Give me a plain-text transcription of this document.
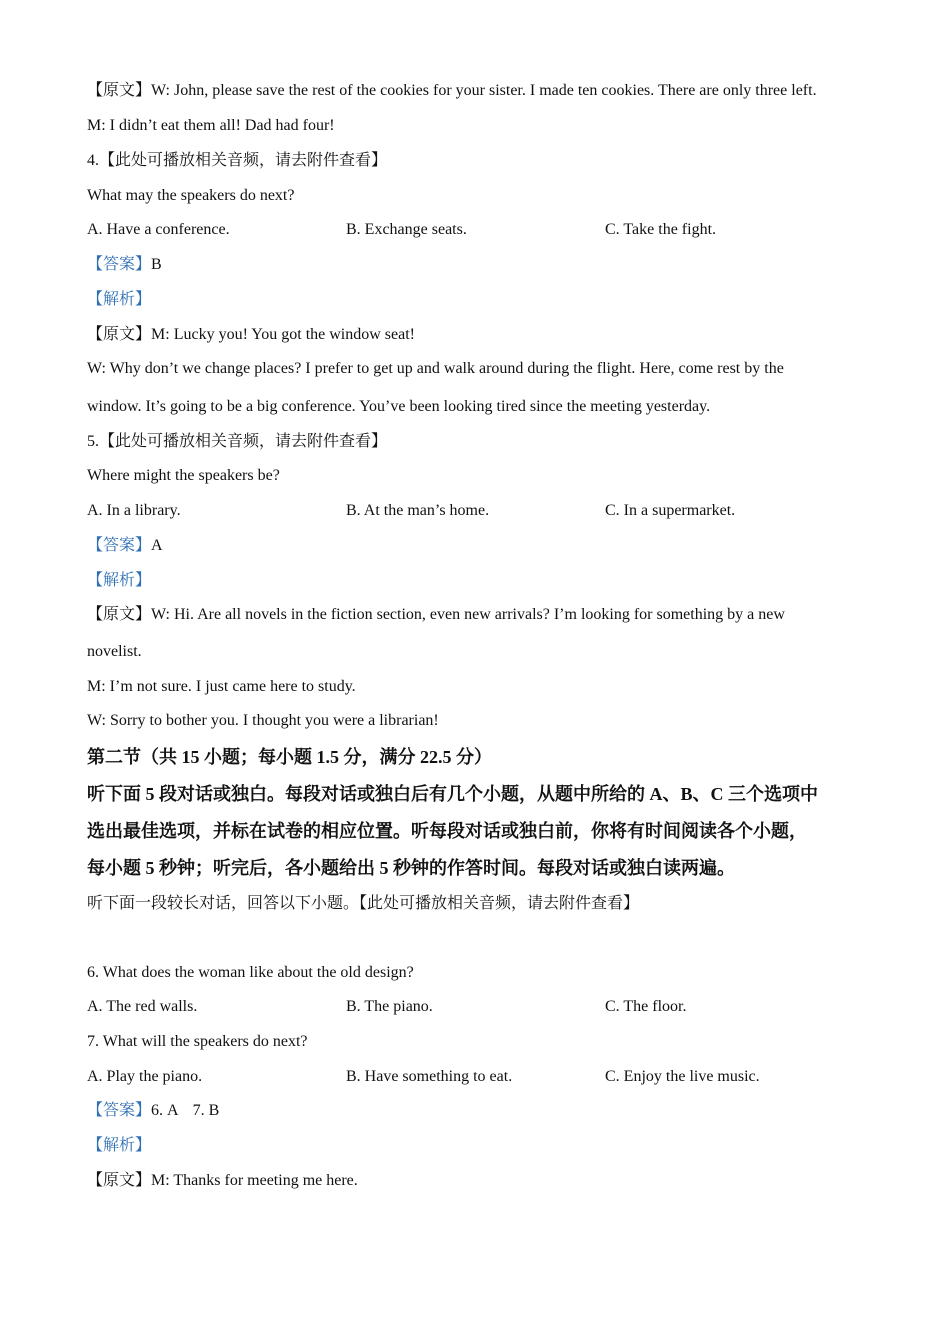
【原文】W: John, please save the rest of the cookies for your sister. I made ten cookies. There are only three left.
M: I didn’t eat them all! Dad had four!
4.【此处可播放相关音频，请去附件查看】
What may the speakers do next?
A. Have a conference.	B. Exchange seats.	C. Take the fight.
【答案】B
【解析】
【原文】M: Lucky you! You got the window seat!
W: Why don’t we change places? I prefer to get up and walk around during the flight. Here, come rest by the
window. It’s going to be a big conference. You’ve been looking tired since the meeting yesterday.
5.【此处可播放相关音频，请去附件查看】
Where might the speakers be?
A. In a library.	B. At the man’s home.	C. In a supermarket.
【答案】A
【解析】
【原文】W: Hi. Are all novels in the fiction section, even new arrivals? I’m looking for something by a new
novelist.
M: I’m not sure. I just came here to study.
W: Sorry to bother you. I thought you were a librarian!
第二节（共 15 小题；每小题 1.5 分，满分 22.5 分）
听下面 5 段对话或独白。每段对话或独白后有几个小题，从题中所给的 A、B、C 三个选项中
选出最佳选项，并标在试卷的相应位置。听每段对话或独白前，你将有时间阅读各个小题，
每小题 5 秒钟；听完后，各小题给出 5 秒钟的作答时间。每段对话或独白读两遍。
听下面一段较长对话，回答以下小题。【此处可播放相关音频，请去附件查看】
6. What does the woman like about the old design?
A. The red walls.	B. The piano.	C. The floor.
7. What will the speakers do next?
A. Play the piano.	B. Have something to eat.	C. Enjoy the live music.
【答案】6. A 7. B
【解析】
【原文】M: Thanks for meeting me here.
